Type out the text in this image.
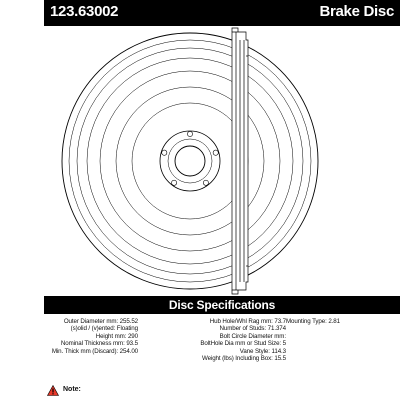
123.63002	Brake Disc
Disc Specifications
Outer Diameter mm: 255.52
(s)olid / (v)ented: Floating
Height mm: 290
Nominal Thickness mm: 93.5
Min. Thick mm (Discard): 254.00
Hub Hole/Whl Rag mm: 73.7
Number of Studs: 71.374
Bolt Circle Diameter mm:
BoltHole Dia mm or Stud Size: 5
Vane Style: 114.3
Weight (lbs) Including Box: 15.5
Mounting Type: 2.81
Note:
